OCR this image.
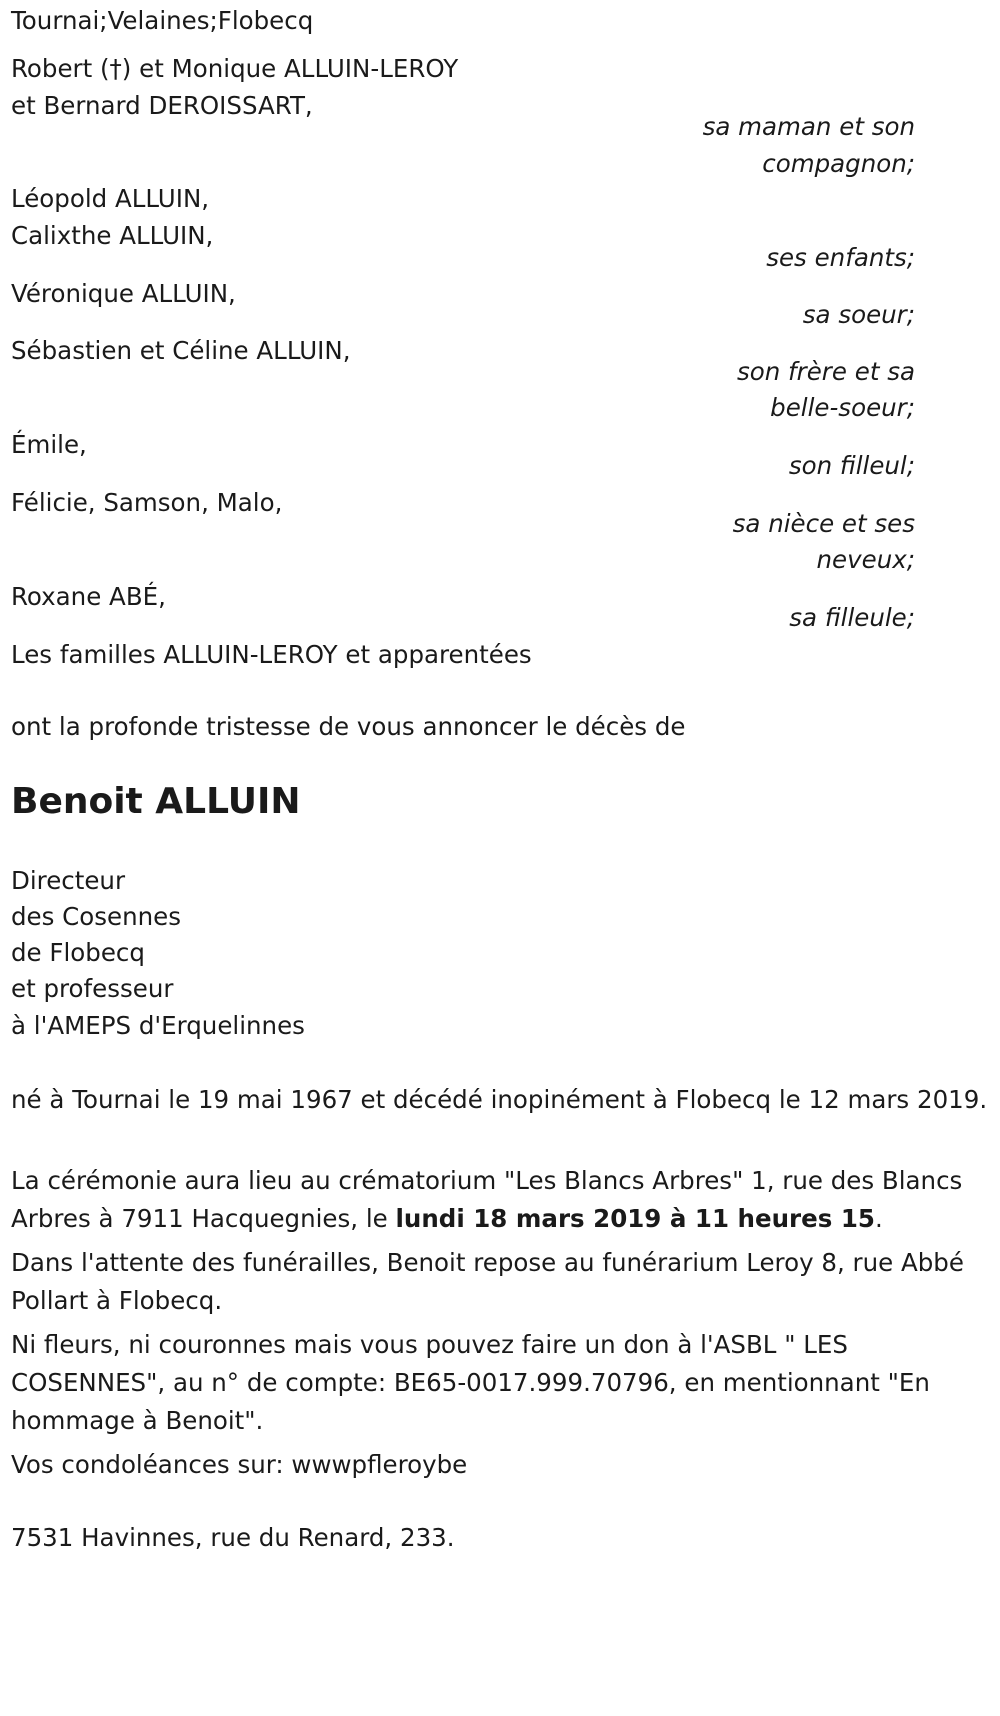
Tournai;Velaines;Flobecq
Robert (†) et Monique ALLUIN-LEROY
et Bernard DEROISSART,
sa maman et son
compagnon;
Léopold ALLUIN,
Calixthe ALLUIN,
ses enfants;
Véronique ALLUIN,
sa soeur;
Sébastien et Céline ALLUIN,
son frère et sa
belle-soeur;
Émile,
son filleul;
Félicie, Samson, Malo,
sa nièce et ses
neveux;
Roxane ABÉ,
sa filleule;
Les familles ALLUIN-LEROY et apparentées
ont la profonde tristesse de vous annoncer le décès de
Benoit ALLUIN
Directeur
des Cosennes
de Flobecq
et professeur
à l'AMEPS d'Erquelinnes
né à Tournai le 19 mai 1967 et décédé inopinément à Flobecq le 12 mars 2019.
La cérémonie aura lieu au crématorium "Les Blancs Arbres" 1, rue des Blancs Arbres à 7911 Hacquegnies, le lundi 18 mars 2019 à 11 heures 15.
Dans l'attente des funérailles, Benoit repose au funérarium Leroy 8, rue Abbé Pollart à Flobecq.
Ni fleurs, ni couronnes mais vous pouvez faire un don à l'ASBL " LES COSENNES", au n° de compte: BE65-0017.999.70796, en mentionnant "En hommage à Benoit".
Vos condoléances sur: wwwpfleroybe
7531 Havinnes, rue du Renard, 233.
